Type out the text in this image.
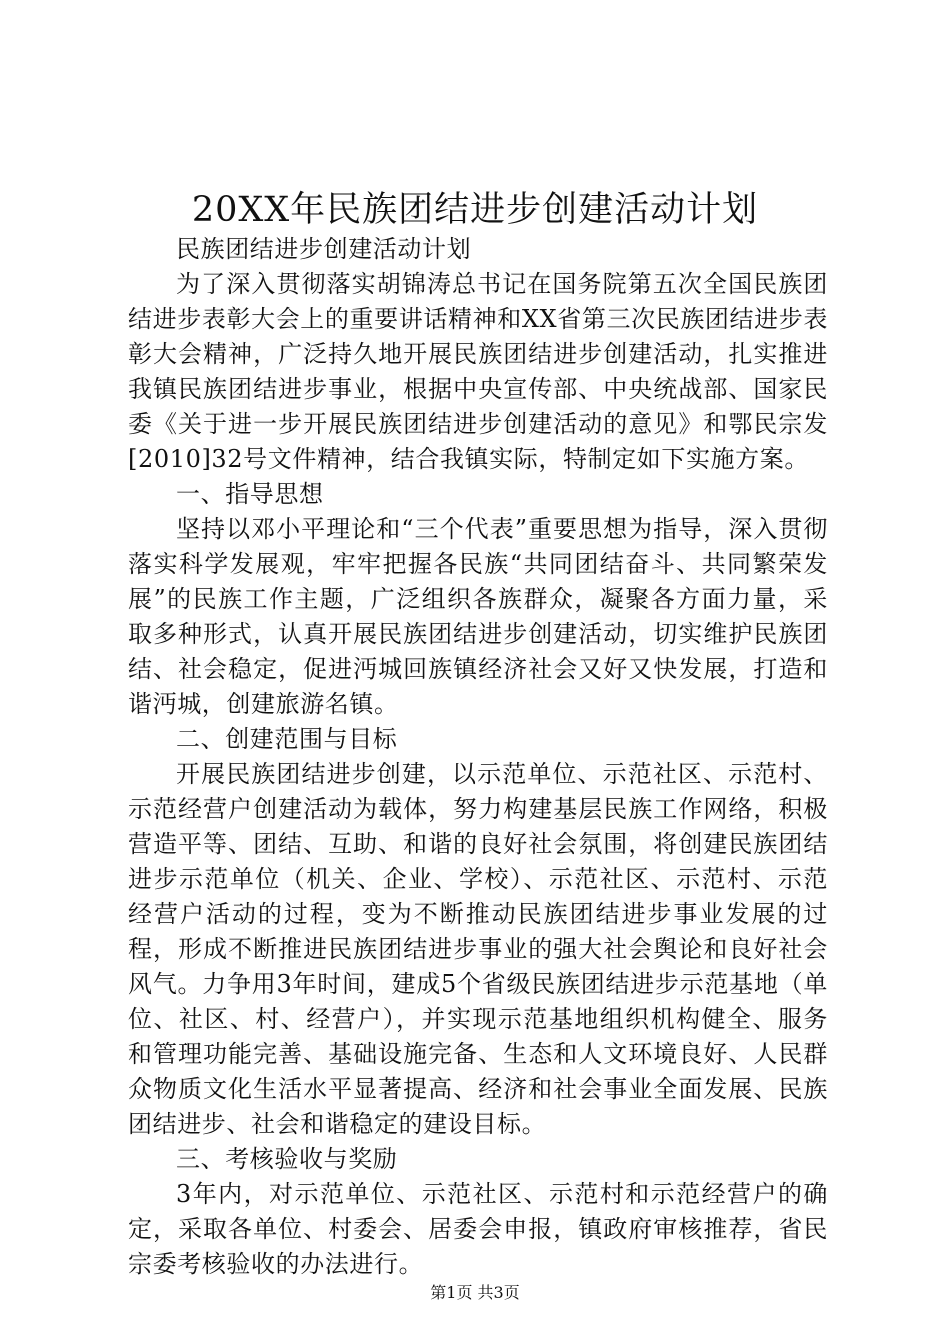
20XX年民族团结进步创建活动计划

民族团结进步创建活动计划

为了深入贯彻落实胡锦涛总书记在国务院第五次全国民族团结进步表彰大会上的重要讲话精神和XX省第三次民族团结进步表彰大会精神，广泛持久地开展民族团结进步创建活动，扎实推进我镇民族团结进步事业，根据中央宣传部、中央统战部、国家民委《关于进一步开展民族团结进步创建活动的意见》和鄂民宗发[2010]32号文件精神，结合我镇实际，特制定如下实施方案。

一、指导思想

坚持以邓小平理论和“三个代表”重要思想为指导，深入贯彻落实科学发展观，牢牢把握各民族“共同团结奋斗、共同繁荣发展”的民族工作主题，广泛组织各族群众，凝聚各方面力量，采取多种形式，认真开展民族团结进步创建活动，切实维护民族团结、社会稳定，促进沔城回族镇经济社会又好又快发展，打造和谐沔城，创建旅游名镇。

二、创建范围与目标

开展民族团结进步创建，以示范单位、示范社区、示范村、示范经营户创建活动为载体，努力构建基层民族工作网络，积极营造平等、团结、互助、和谐的良好社会氛围，将创建民族团结进步示范单位（机关、企业、学校）、示范社区、示范村、示范经营户活动的过程，变为不断推动民族团结进步事业发展的过程，形成不断推进民族团结进步事业的强大社会舆论和良好社会风气。力争用3年时间，建成5个省级民族团结进步示范基地（单位、社区、村、经营户），并实现示范基地组织机构健全、服务和管理功能完善、基础设施完备、生态和人文环境良好、人民群众物质文化生活水平显著提高、经济和社会事业全面发展、民族团结进步、社会和谐稳定的建设目标。

三、考核验收与奖励

3年内，对示范单位、示范社区、示范村和示范经营户的确定，采取各单位、村委会、居委会申报，镇政府审核推荐，省民宗委考核验收的办法进行。

第1页 共3页
